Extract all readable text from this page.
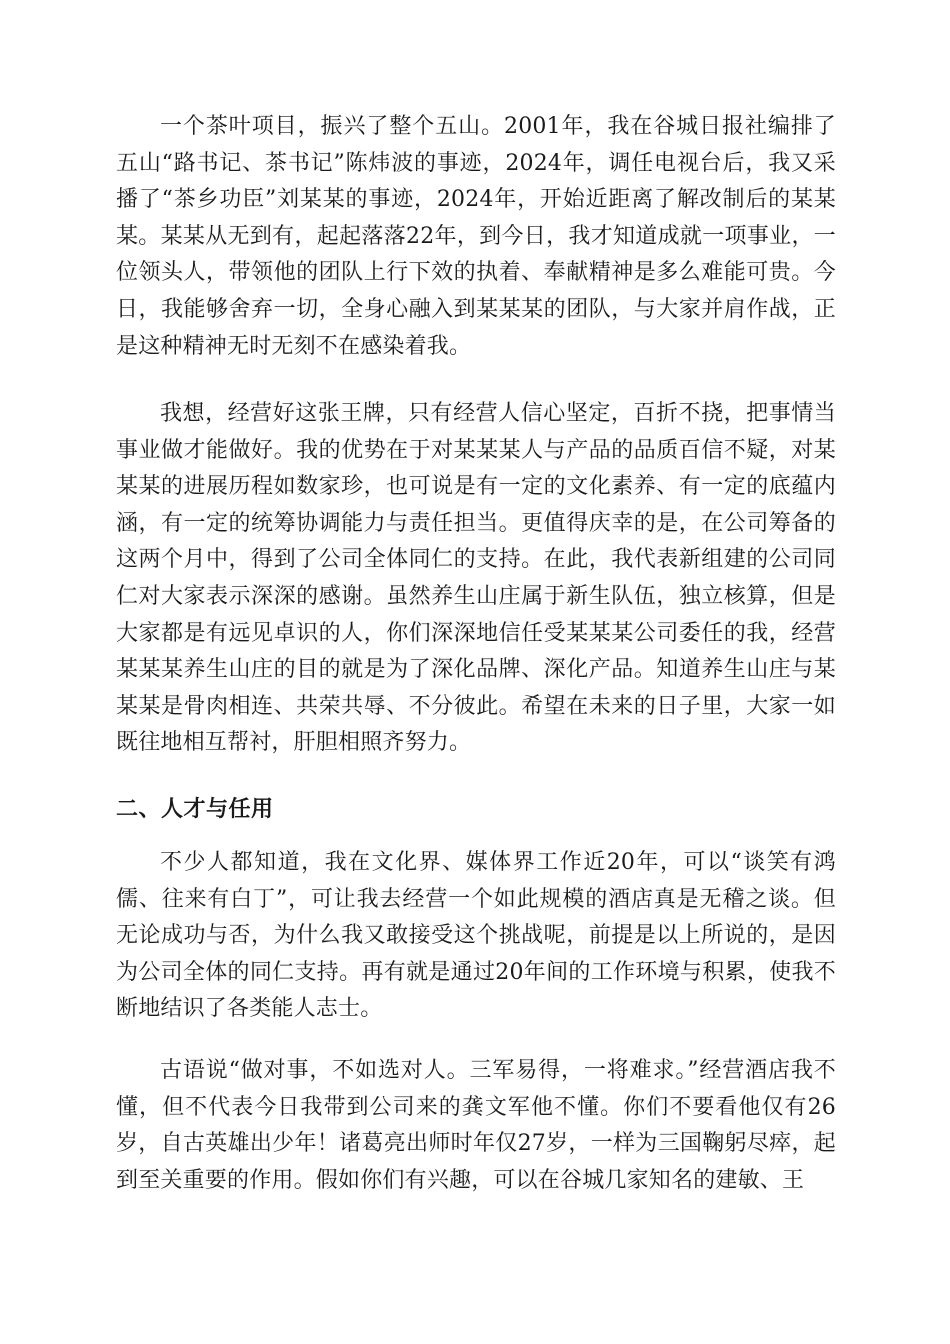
一个茶叶项目，振兴了整个五山。2001年，我在谷城日报社编排了五山“路书记、茶书记”陈炜波的事迹，2024年，调任电视台后，我又采播了“茶乡功臣”刘某某的事迹，2024年，开始近距离了解改制后的某某某。某某从无到有，起起落落22年，到今日，我才知道成就一项事业，一位领头人，带领他的团队上行下效的执着、奉献精神是多么难能可贵。今日，我能够舍弃一切，全身心融入到某某某的团队，与大家并肩作战，正是这种精神无时无刻不在感染着我。

我想，经营好这张王牌，只有经营人信心坚定，百折不挠，把事情当事业做才能做好。我的优势在于对某某某人与产品的品质百信不疑，对某某某的进展历程如数家珍，也可说是有一定的文化素养、有一定的底蕴内涵，有一定的统筹协调能力与责任担当。更值得庆幸的是，在公司筹备的这两个月中，得到了公司全体同仁的支持。在此，我代表新组建的公司同仁对大家表示深深的感谢。虽然养生山庄属于新生队伍，独立核算，但是大家都是有远见卓识的人，你们深深地信任受某某某公司委任的我，经营某某某养生山庄的目的就是为了深化品牌、深化产品。知道养生山庄与某某某是骨肉相连、共荣共辱、不分彼此。希望在未来的日子里，大家一如既往地相互帮衬，肝胆相照齐努力。

二、人才与任用

不少人都知道，我在文化界、媒体界工作近20年，可以“谈笑有鸿儒、往来有白丁”，可让我去经营一个如此规模的酒店真是无稽之谈。但无论成功与否，为什么我又敢接受这个挑战呢，前提是以上所说的，是因为公司全体的同仁支持。再有就是通过20年间的工作环境与积累，使我不断地结识了各类能人志士。

古语说“做对事，不如选对人。三军易得，一将难求。”经营酒店我不懂，但不代表今日我带到公司来的龚文军他不懂。你们不要看他仅有26岁，自古英雄出少年！诸葛亮出师时年仅27岁，一样为三国鞠躬尽瘁，起到至关重要的作用。假如你们有兴趣，可以在谷城几家知名的建敏、王
